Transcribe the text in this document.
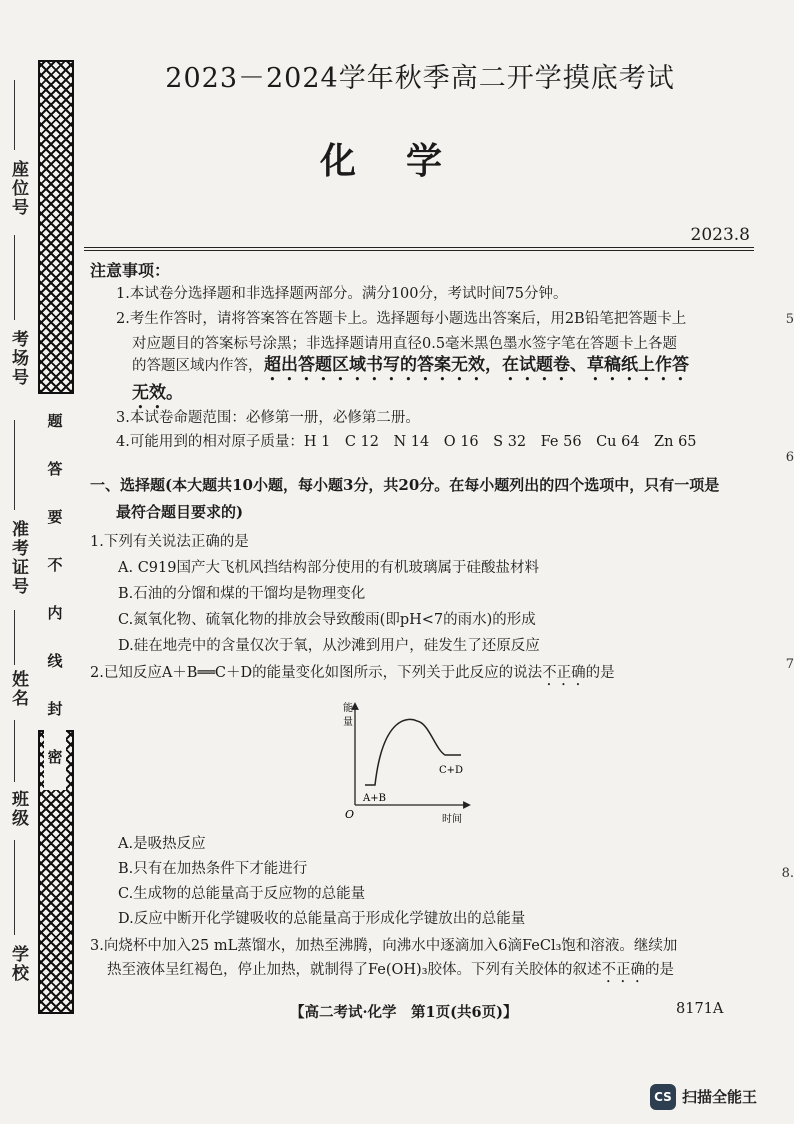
题
答
要
不
内
线
封
密
座位号
考场号
准考证号
姓名
班级
学校
2023－2024学年秋季高二开学摸底考试
化学
2023.8
注意事项：
1.本试卷分选择题和非选择题两部分。满分100分，考试时间75分钟。
2.考生作答时，请将答案答在答题卡上。选择题每小题选出答案后，用2B铅笔把答题卡上
对应题目的答案标号涂黑；非选择题请用直径0.5毫米黑色墨水签字笔在答题卡上各题
的答题区域内作答， 超出答题区域书写的答案无效，在试题卷、草稿纸上作答
无效。
3.本试卷命题范围：必修第一册，必修第二册。
4.可能用到的相对原子质量：H 1　C 12　N 14　O 16　S 32　Fe 56　Cu 64　Zn 65
一、选择题(本大题共10小题，每小题3分，共20分。在每小题列出的四个选项中，只有一项是
最符合题目要求的)
1.下列有关说法正确的是
A. C919国产大飞机风挡结构部分使用的有机玻璃属于硅酸盐材料
B.石油的分馏和煤的干馏均是物理变化
C.氮氧化物、硫氧化物的排放会导致酸雨(即pH<7的雨水)的形成
D.硅在地壳中的含量仅次于氧，从沙滩到用户，硅发生了还原反应
2.已知反应A＋B══C＋D的能量变化如图所示，下列关于此反应的说法不正确的是
能
量
时间
O
A+B
C+D
A.是吸热反应
B.只有在加热条件下才能进行
C.生成物的总能量高于反应物的总能量
D.反应中断开化学键吸收的总能量高于形成化学键放出的总能量
3.向烧杯中加入25 mL蒸馏水，加热至沸腾，向沸水中逐滴加入6滴FeCl₃饱和溶液。继续加
热至液体呈红褐色，停止加热，就制得了Fe(OH)₃胶体。下列有关胶体的叙述不正确的是
【高二考试·化学　第1页(共6页)】	8171A
5
6
7
8.
CS 扫描全能王
